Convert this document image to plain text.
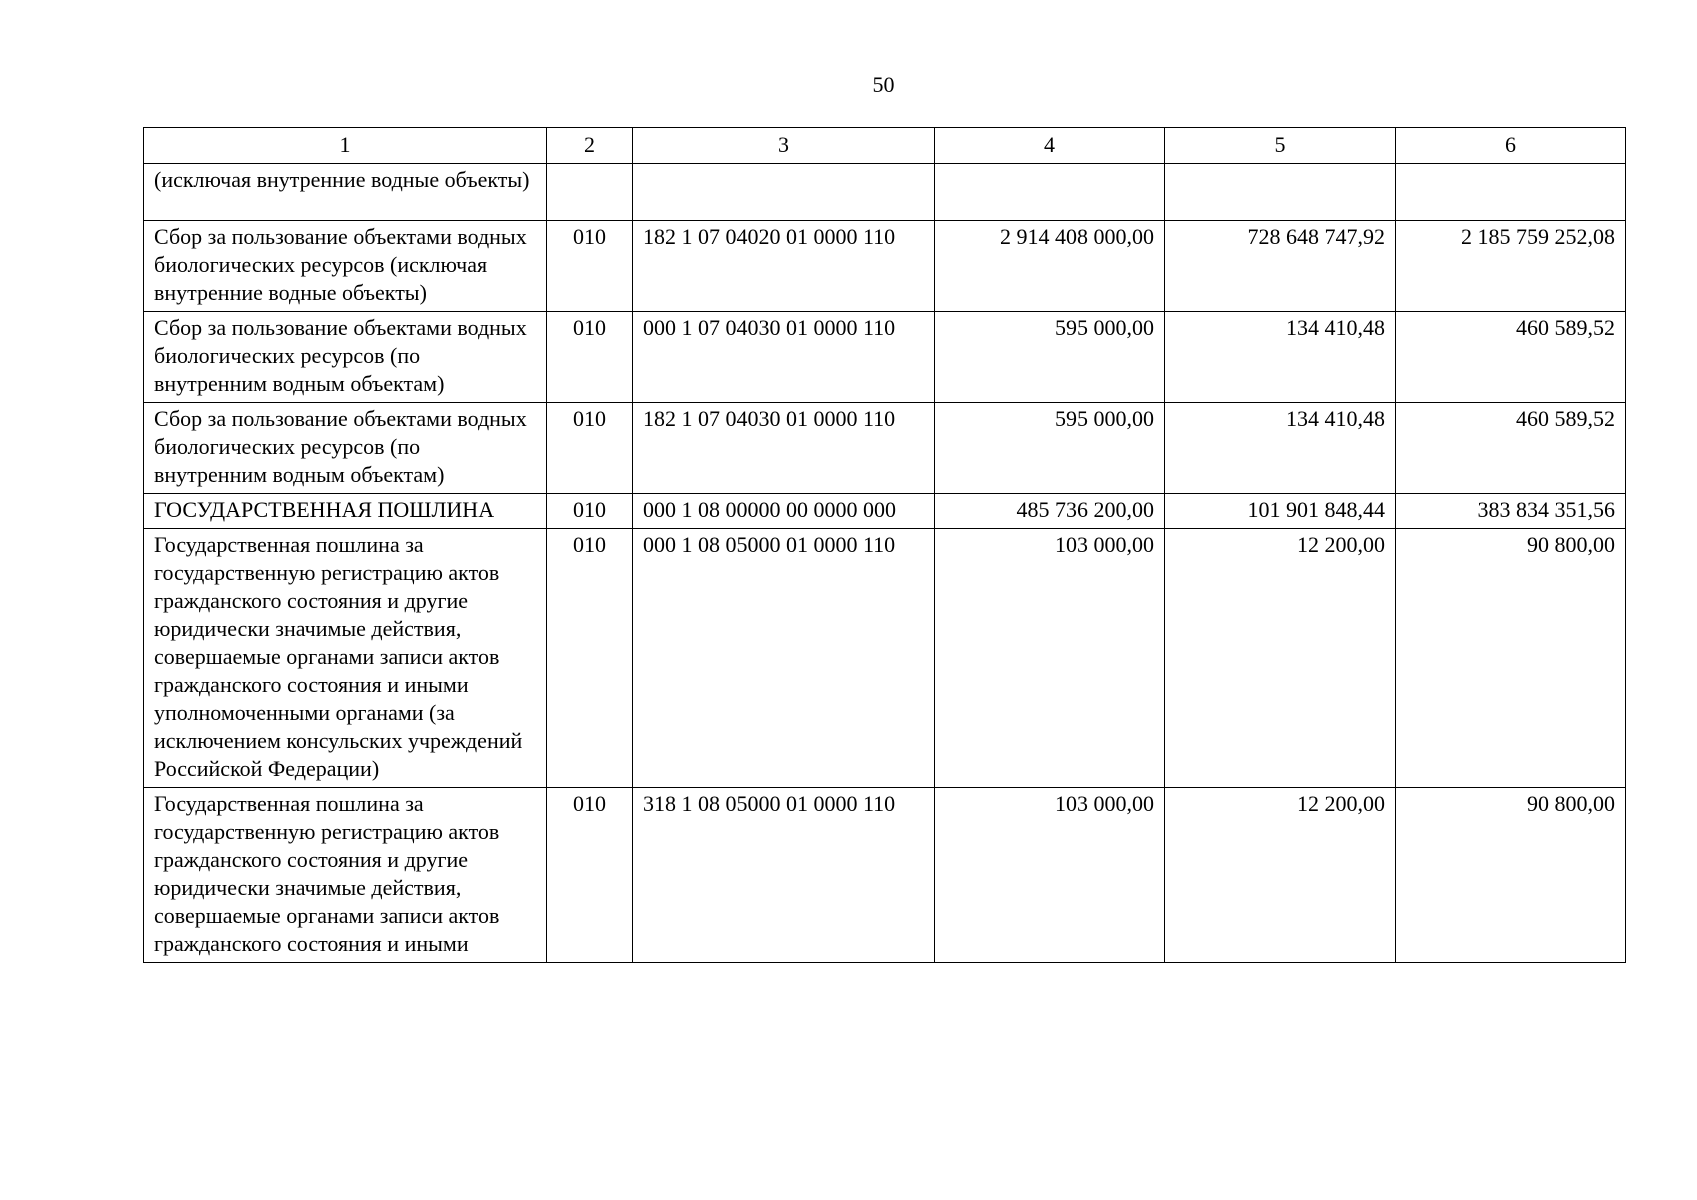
50
1	2	3	4	5	6
(исключая внутренние водные объекты)					
Сбор за пользование объектами водных биологических ресурсов (исключая внутренние водные объекты)	010	182 1 07 04020 01 0000 110	2 914 408 000,00	728 648 747,92	2 185 759 252,08
Сбор за пользование объектами водных биологических ресурсов (по внутренним водным объектам)	010	000 1 07 04030 01 0000 110	595 000,00	134 410,48	460 589,52
Сбор за пользование объектами водных биологических ресурсов (по внутренним водным объектам)	010	182 1 07 04030 01 0000 110	595 000,00	134 410,48	460 589,52
ГОСУДАРСТВЕННАЯ ПОШЛИНА	010	000 1 08 00000 00 0000 000	485 736 200,00	101 901 848,44	383 834 351,56
Государственная пошлина за государственную регистрацию актов гражданского состояния и другие юридически значимые действия, совершаемые органами записи актов гражданского состояния и иными уполномоченными органами (за исключением консульских учреждений Российской Федерации)	010	000 1 08 05000 01 0000 110	103 000,00	12 200,00	90 800,00
Государственная пошлина за государственную регистрацию актов гражданского состояния и другие юридически значимые действия, совершаемые органами записи актов гражданского состояния и иными	010	318 1 08 05000 01 0000 110	103 000,00	12 200,00	90 800,00
